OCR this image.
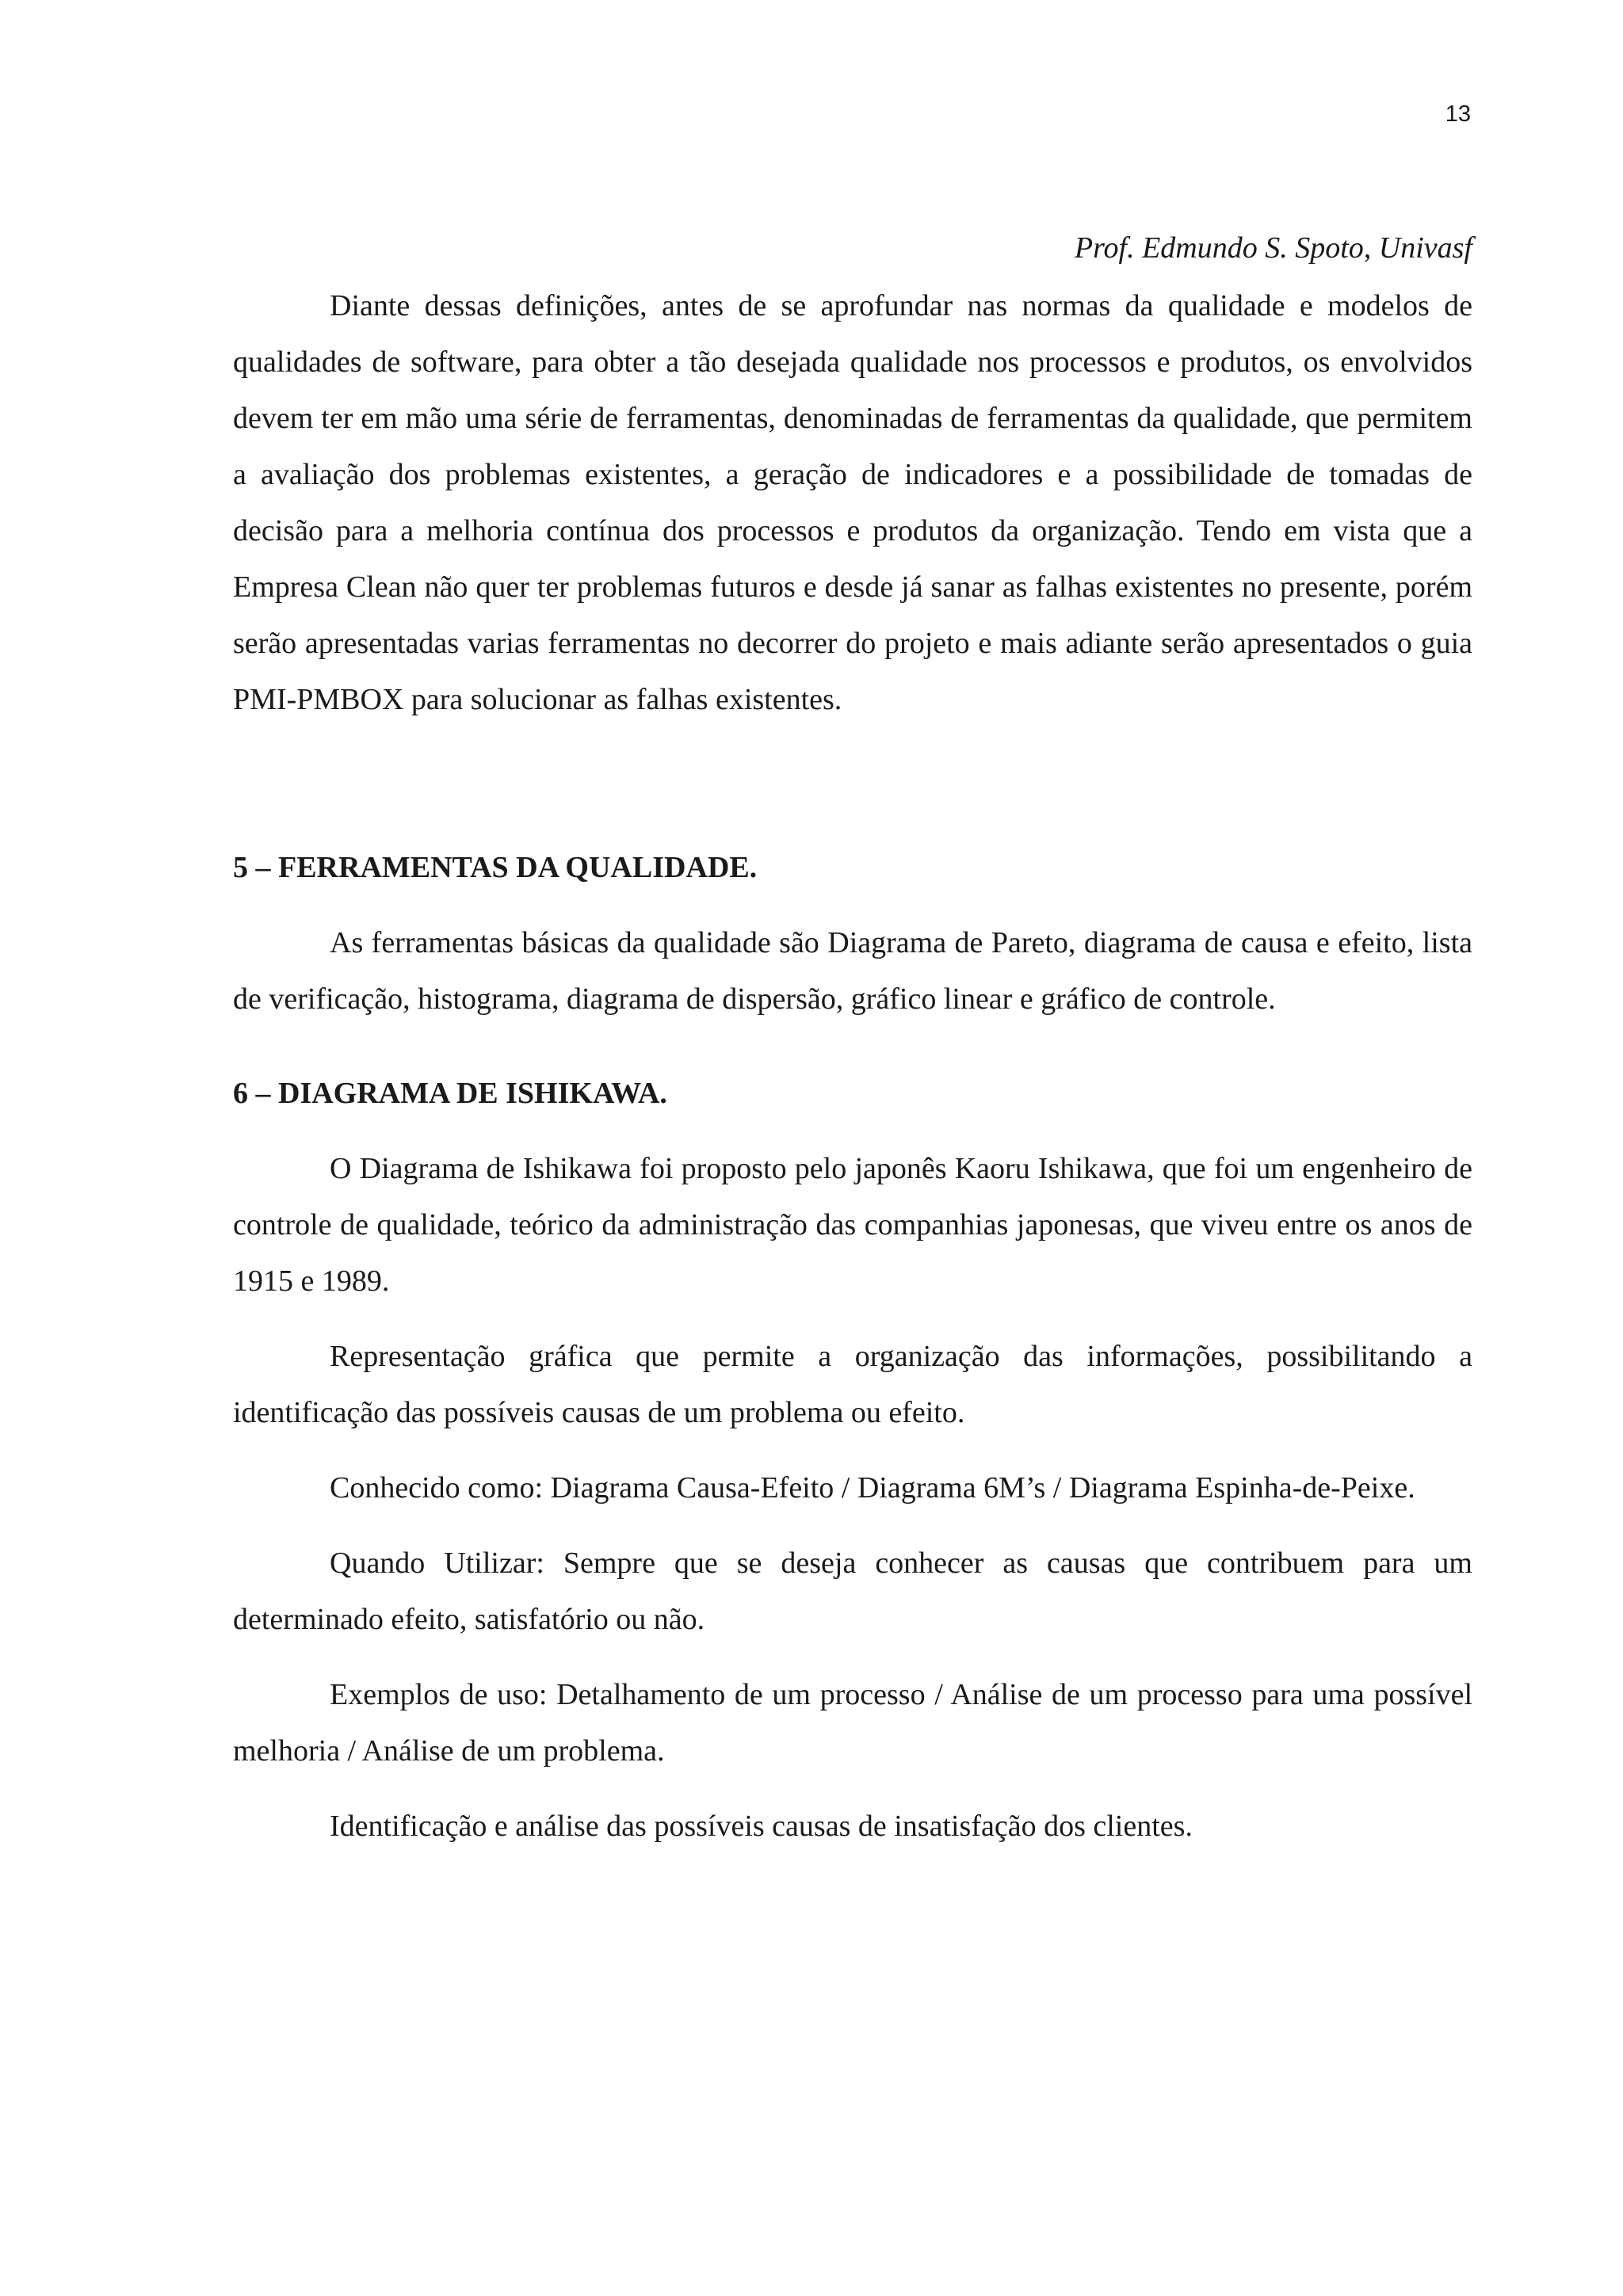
13
Prof. Edmundo S. Spoto, Univasf

Diante dessas definições, antes de se aprofundar nas normas da qualidade e modelos de qualidades de software, para obter a tão desejada qualidade nos processos e produtos, os envolvidos devem ter em mão uma série de ferramentas, denominadas de ferramentas da qualidade, que permitem a avaliação dos problemas existentes, a geração de indicadores e a possibilidade de tomadas de decisão para a melhoria contínua dos processos e produtos da organização. Tendo em vista que a Empresa Clean não quer ter problemas futuros e desde já sanar as falhas existentes no presente, porém serão apresentadas varias ferramentas no decorrer do projeto e mais adiante serão apresentados o guia PMI-PMBOX para solucionar as falhas existentes.

5 – FERRAMENTAS DA QUALIDADE.

As ferramentas básicas da qualidade são Diagrama de Pareto, diagrama de causa e efeito, lista de verificação, histograma, diagrama de dispersão, gráfico linear e gráfico de controle.

6 – DIAGRAMA DE ISHIKAWA.

O Diagrama de Ishikawa foi proposto pelo japonês Kaoru Ishikawa, que foi um engenheiro de controle de qualidade, teórico da administração das companhias japonesas, que viveu entre os anos de 1915 e 1989.

Representação gráfica que permite a organização das informações, possibilitando a identificação das possíveis causas de um problema ou efeito.

Conhecido como: Diagrama Causa-Efeito / Diagrama 6M’s / Diagrama Espinha-de-Peixe.

Quando Utilizar: Sempre que se deseja conhecer as causas que contribuem para um determinado efeito, satisfatório ou não.

Exemplos de uso: Detalhamento de um processo / Análise de um processo para uma possível melhoria / Análise de um problema.

Identificação e análise das possíveis causas de insatisfação dos clientes.
